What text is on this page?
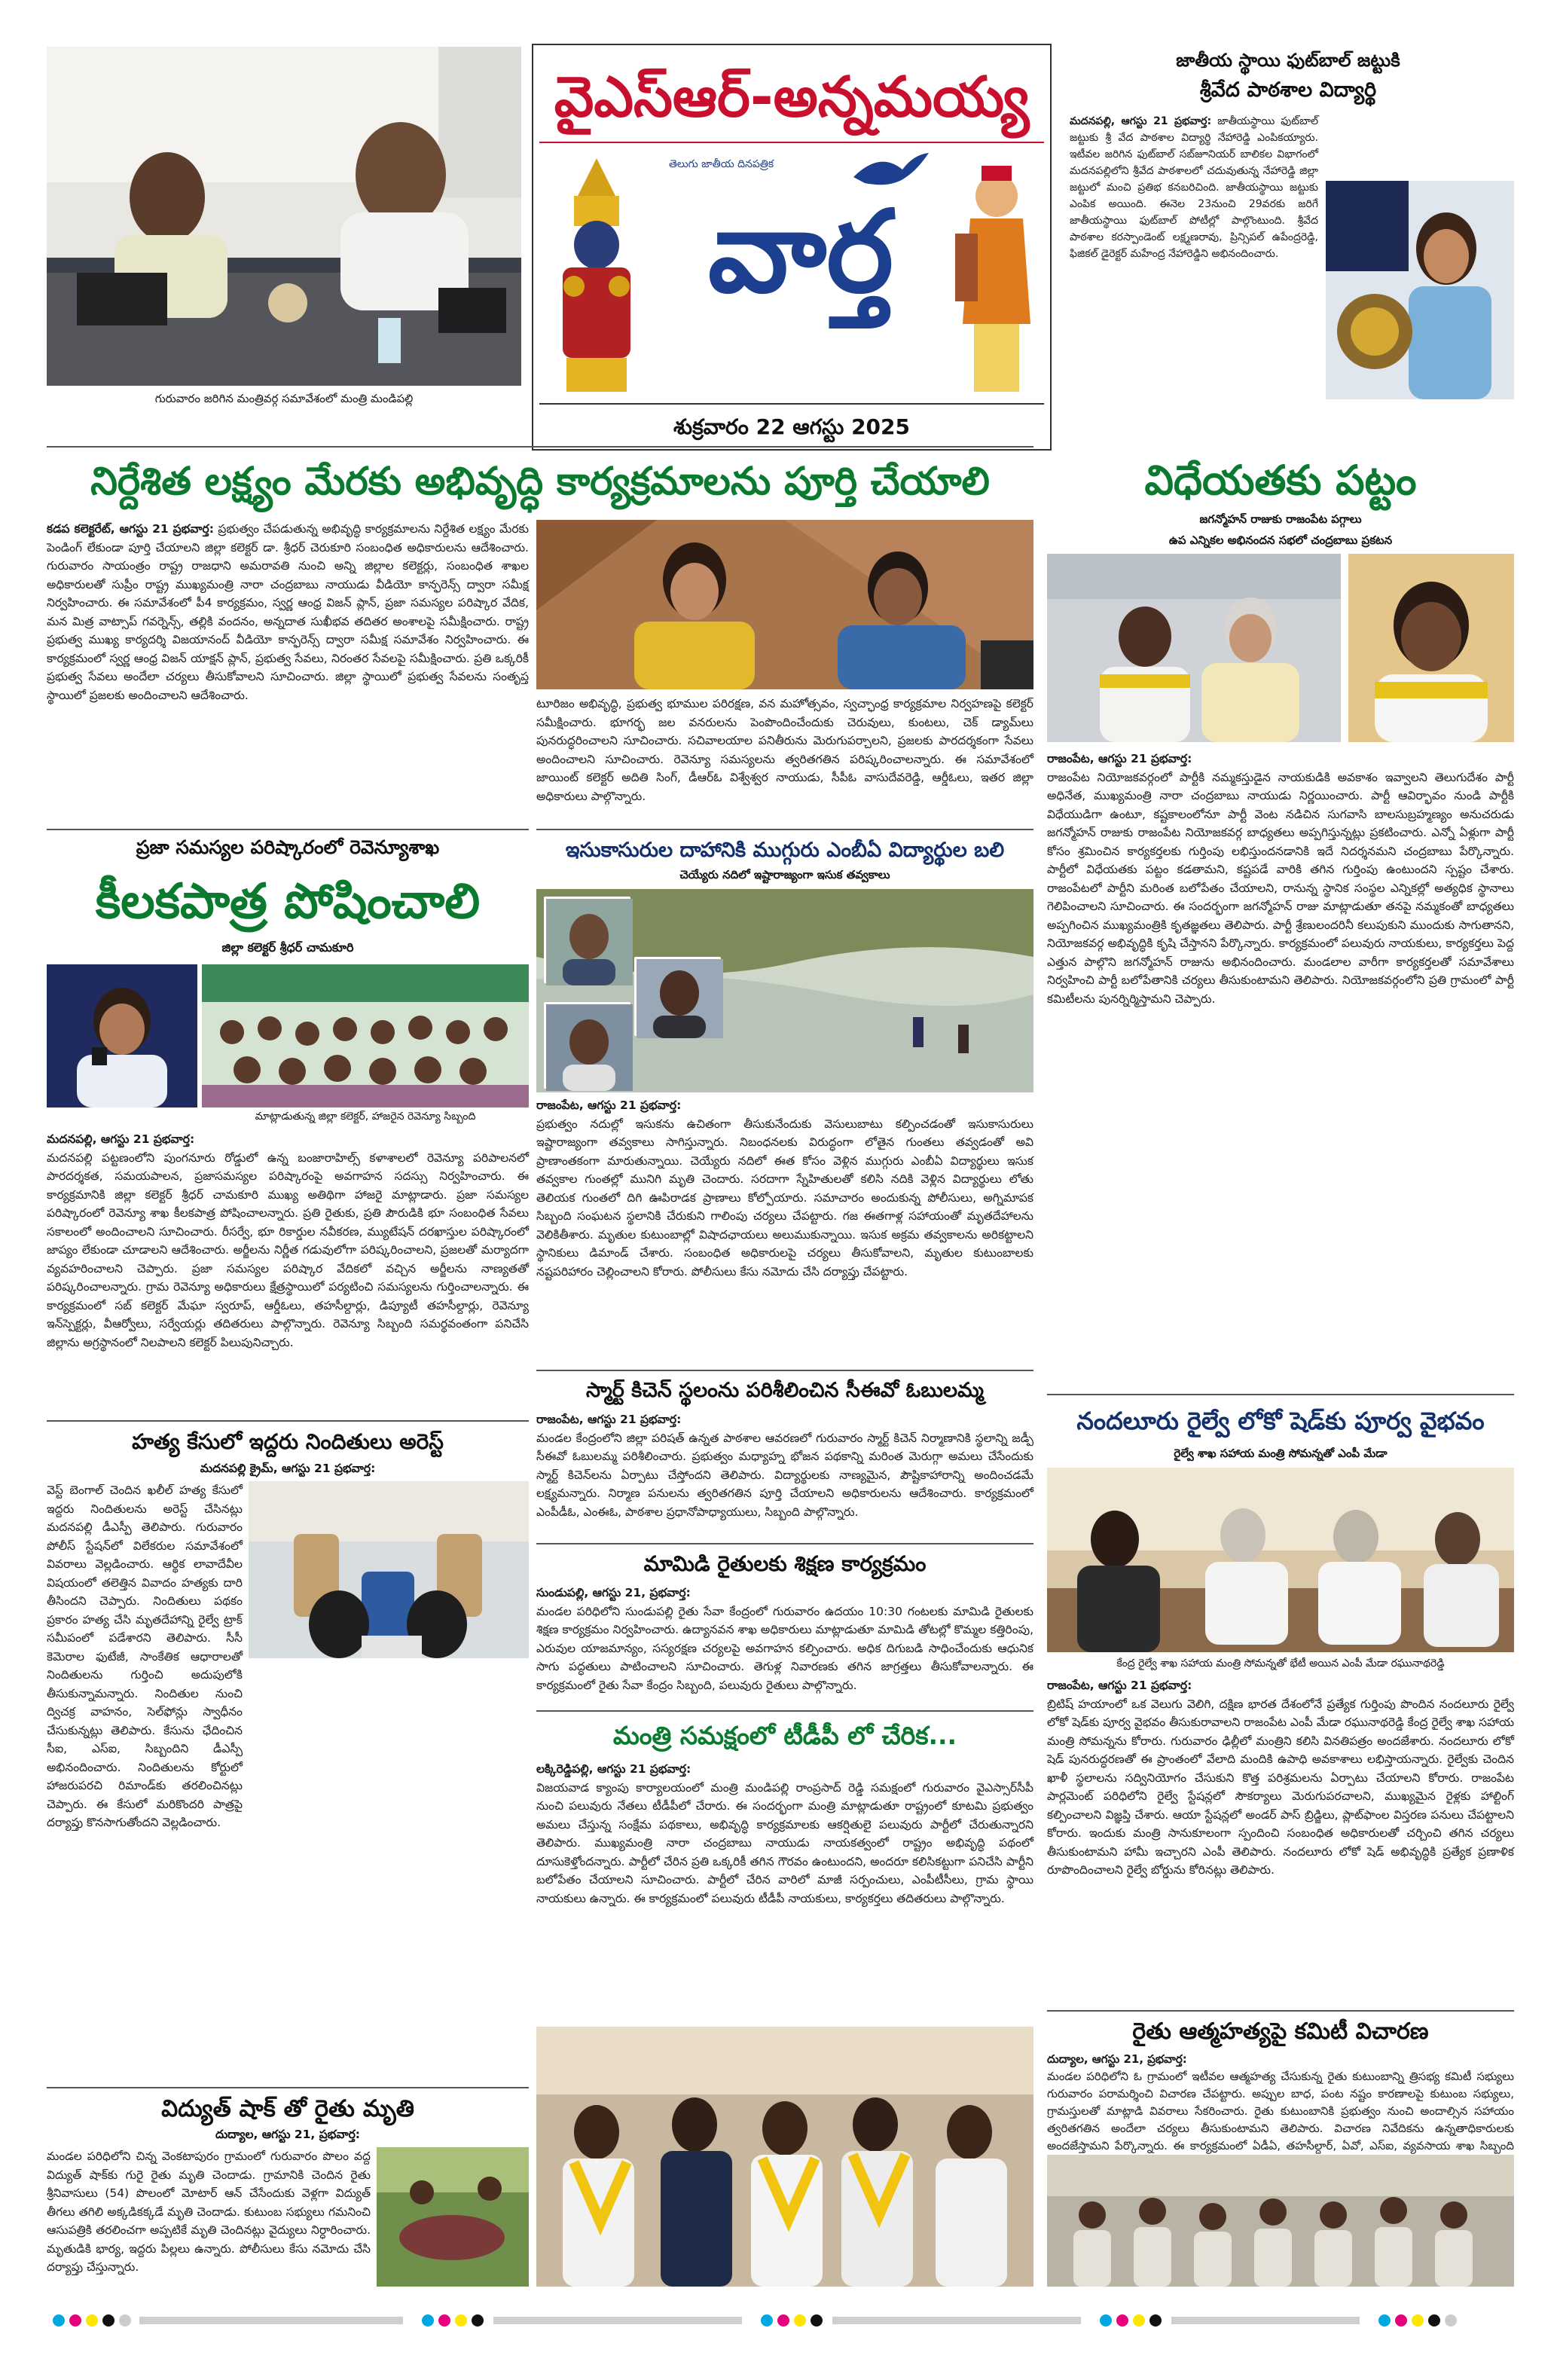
గురువారం జరిగిన మంత్రివర్గ సమావేశంలో మంత్రి మండిపల్లి
వైఎస్ఆర్-అన్నమయ్య
తెలుగు జాతీయ దినపత్రిక
వార్త
శుక్రవారం 22 ఆగస్టు 2025
జాతీయ స్థాయి ఫుట్‌బాల్ జట్టుకి
శ్రీవేద పాఠశాల విద్యార్థి
మదనపల్లి, ఆగస్టు 21 ప్రభవార్త: జాతీయస్థాయి ఫుట్‌బాల్ జట్టుకు శ్రీ వేద పాఠశాల విద్యార్థి నేహారెడ్డి ఎంపికయ్యారు. ఇటీవల జరిగిన ఫుట్‌బాల్ సబ్‌జూనియర్ బాలికల విభాగంలో మదనపల్లిలోని శ్రీవేద పాఠశాలలో చదువుతున్న నేహారెడ్డి జిల్లా జట్టులో మంచి ప్రతిభ కనబరిచింది. జాతీయస్థాయి జట్టుకు ఎంపిక అయింది. ఈనెల 23నుంచి 29వరకు జరిగే జాతీయస్థాయి ఫుట్‌బాల్ పోటీల్లో పాల్గొంటుంది. శ్రీవేద పాఠశాల కరస్పాండెంట్ లక్ష్మణరావు, ప్రిన్సిపల్ ఉపేంద్రరెడ్డి, ఫిజికల్ డైరెక్టర్ మహేంద్ర నేహారెడ్డిని అభినందించారు.
నిర్దేశిత లక్ష్యం మేరకు అభివృద్ధి కార్యక్రమాలను పూర్తి చేయాలి
కడప కలెక్టరేట్, ఆగస్టు 21 ప్రభవార్త: ప్రభుత్వం చేపడుతున్న అభివృద్ధి కార్యక్రమాలను నిర్దేశిత లక్ష్యం మేరకు పెండింగ్ లేకుండా పూర్తి చేయాలని జిల్లా కలెక్టర్ డా. శ్రీధర్ చెరుకూరి సంబంధిత అధికారులను ఆదేశించారు. గురువారం సాయంత్రం రాష్ట్ర రాజధాని అమరావతి నుంచి అన్ని జిల్లాల కలెక్టర్లు, సంబంధిత శాఖల అధికారులతో సుప్రీం రాష్ట్ర ముఖ్యమంత్రి నారా చంద్రబాబు నాయుడు వీడియో కాన్ఫరెన్స్ ద్వారా సమీక్ష నిర్వహించారు. ఈ సమావేశంలో పీ4 కార్యక్రమం, స్వర్ణ ఆంధ్ర విజన్ ప్లాన్, ప్రజా సమస్యల పరిష్కార వేదిక, మన మిత్ర వాట్సాప్ గవర్నెన్స్, తల్లికి వందనం, అన్నదాత సుఖీభవ తదితర అంశాలపై సమీక్షించారు. రాష్ట్ర ప్రభుత్వ ముఖ్య కార్యదర్శి విజయానంద్ వీడియో కాన్ఫరెన్స్ ద్వారా సమీక్ష సమావేశం నిర్వహించారు. ఈ కార్యక్రమంలో స్వర్ణ ఆంధ్ర విజన్ యాక్షన్ ప్లాన్, ప్రభుత్వ సేవలు, నిరంతర సేవలపై సమీక్షించారు. ప్రతి ఒక్కరికీ ప్రభుత్వ సేవలు అందేలా చర్యలు తీసుకోవాలని సూచించారు. జిల్లా స్థాయిలో ప్రభుత్వ సేవలను సంతృప్త స్థాయిలో ప్రజలకు అందించాలని ఆదేశించారు.
టూరిజం అభివృద్ధి, ప్రభుత్వ భూముల పరిరక్షణ, వన మహోత్సవం, స్వచ్ఛాంధ్ర కార్యక్రమాల నిర్వహణపై కలెక్టర్ సమీక్షించారు. భూగర్భ జల వనరులను పెంపొందించేందుకు చెరువులు, కుంటలు, చెక్ డ్యామ్‌లు పునరుద్ధరించాలని సూచించారు. సచివాలయాల పనితీరును మెరుగుపర్చాలని, ప్రజలకు పారదర్శకంగా సేవలు అందించాలని సూచించారు. రెవెన్యూ సమస్యలను త్వరితగతిన పరిష్కరించాలన్నారు. ఈ సమావేశంలో జాయింట్ కలెక్టర్ అదితి సింగ్, డీఆర్‌ఓ విశ్వేశ్వర నాయుడు, సీపీఓ వాసుదేవరెడ్డి, ఆర్డీఓలు, ఇతర జిల్లా అధికారులు పాల్గొన్నారు.
విధేయతకు పట్టం
జగన్మోహన్ రాజుకు రాజంపేట పగ్గాలు
ఉప ఎన్నికల అభినందన సభలో చంద్రబాబు ప్రకటన
రాజంపేట, ఆగస్టు 21 ప్రభవార్త:
రాజంపేట నియోజకవర్గంలో పార్టీకి నమ్మకస్తుడైన నాయకుడికి అవకాశం ఇవ్వాలని తెలుగుదేశం పార్టీ అధినేత, ముఖ్యమంత్రి నారా చంద్రబాబు నాయుడు నిర్ణయించారు. పార్టీ ఆవిర్భావం నుండి పార్టీకి విధేయుడిగా ఉంటూ, కష్టకాలంలోనూ పార్టీ వెంట నడిచిన సుగవాసి బాలసుబ్రహ్మణ్యం అనుచరుడు జగన్మోహన్ రాజుకు రాజంపేట నియోజకవర్గ బాధ్యతలు అప్పగిస్తున్నట్లు ప్రకటించారు. ఎన్నో ఏళ్లుగా పార్టీ కోసం శ్రమించిన కార్యకర్తలకు గుర్తింపు లభిస్తుందనడానికి ఇదే నిదర్శనమని చంద్రబాబు పేర్కొన్నారు. పార్టీలో విధేయతకు పట్టం కడతామని, కష్టపడే వారికి తగిన గుర్తింపు ఉంటుందని స్పష్టం చేశారు. రాజంపేటలో పార్టీని మరింత బలోపేతం చేయాలని, రానున్న స్థానిక సంస్థల ఎన్నికల్లో అత్యధిక స్థానాలు గెలిపించాలని సూచించారు. ఈ సందర్భంగా జగన్మోహన్ రాజు మాట్లాడుతూ తనపై నమ్మకంతో బాధ్యతలు అప్పగించిన ముఖ్యమంత్రికి కృతజ్ఞతలు తెలిపారు. పార్టీ శ్రేణులందరినీ కలుపుకుని ముందుకు సాగుతానని, నియోజకవర్గ అభివృద్ధికి కృషి చేస్తానని పేర్కొన్నారు. కార్యక్రమంలో పలువురు నాయకులు, కార్యకర్తలు పెద్ద ఎత్తున పాల్గొని జగన్మోహన్ రాజును అభినందించారు. మండలాల వారీగా కార్యకర్తలతో సమావేశాలు నిర్వహించి పార్టీ బలోపేతానికి చర్యలు తీసుకుంటామని తెలిపారు. నియోజకవర్గంలోని ప్రతి గ్రామంలో పార్టీ కమిటీలను పునర్నిర్మిస్తామని చెప్పారు.
ప్రజా సమస్యల పరిష్కారంలో రెవెన్యూశాఖ
కీలకపాత్ర పోషించాలి
జిల్లా కలెక్టర్ శ్రీధర్ చామకూరి
మాట్లాడుతున్న జిల్లా కలెక్టర్, హాజరైన రెవెన్యూ సిబ్బంది
మదనపల్లి, ఆగస్టు 21 ప్రభవార్త:
మదనపల్లి పట్టణంలోని పుంగనూరు రోడ్డులో ఉన్న బంజారాహిల్స్ కళాశాలలో రెవెన్యూ పరిపాలనలో పారదర్శకత, సమయపాలన, ప్రజాసమస్యల పరిష్కారంపై అవగాహన సదస్సు నిర్వహించారు. ఈ కార్యక్రమానికి జిల్లా కలెక్టర్ శ్రీధర్ చామకూరి ముఖ్య అతిథిగా హాజరై మాట్లాడారు. ప్రజా సమస్యల పరిష్కారంలో రెవెన్యూ శాఖ కీలకపాత్ర పోషించాలన్నారు. ప్రతి రైతుకు, ప్రతి పౌరుడికి భూ సంబంధిత సేవలు సకాలంలో అందించాలని సూచించారు. రీసర్వే, భూ రికార్డుల నవీకరణ, మ్యుటేషన్ దరఖాస్తుల పరిష్కారంలో జాప్యం లేకుండా చూడాలని ఆదేశించారు. అర్జీలను నిర్ణీత గడువులోగా పరిష్కరించాలని, ప్రజలతో మర్యాదగా వ్యవహరించాలని చెప్పారు. ప్రజా సమస్యల పరిష్కార వేదికలో వచ్చిన అర్జీలను నాణ్యతతో పరిష్కరించాలన్నారు. గ్రామ రెవెన్యూ అధికారులు క్షేత్రస్థాయిలో పర్యటించి సమస్యలను గుర్తించాలన్నారు. ఈ కార్యక్రమంలో సబ్ కలెక్టర్ మేఘా స్వరూప్, ఆర్డీఓలు, తహసీల్దార్లు, డిప్యూటీ తహసీల్దార్లు, రెవెన్యూ ఇన్‌స్పెక్టర్లు, వీఆర్వోలు, సర్వేయర్లు తదితరులు పాల్గొన్నారు. రెవెన్యూ సిబ్బంది సమర్థవంతంగా పనిచేసి జిల్లాను అగ్రస్థానంలో నిలపాలని కలెక్టర్ పిలుపునిచ్చారు.
ఇసుకాసురుల దాహానికి ముగ్గురు ఎంబీఏ విద్యార్థుల బలి
చెయ్యేరు నదిలో ఇష్టారాజ్యంగా ఇసుక తవ్వకాలు
రాజంపేట, ఆగస్టు 21 ప్రభవార్త:
ప్రభుత్వం నదుల్లో ఇసుకను ఉచితంగా తీసుకునేందుకు వెసులుబాటు కల్పించడంతో ఇసుకాసురులు ఇష్టారాజ్యంగా తవ్వకాలు సాగిస్తున్నారు. నిబంధనలకు విరుద్ధంగా లోతైన గుంతలు తవ్వడంతో అవి ప్రాణాంతకంగా మారుతున్నాయి. చెయ్యేరు నదిలో ఈత కోసం వెళ్లిన ముగ్గురు ఎంబీఏ విద్యార్థులు ఇసుక తవ్వకాల గుంతల్లో మునిగి మృతి చెందారు. సరదాగా స్నేహితులతో కలిసి నదికి వెళ్లిన విద్యార్థులు లోతు తెలియక గుంతలో దిగి ఊపిరాడక ప్రాణాలు కోల్పోయారు. సమాచారం అందుకున్న పోలీసులు, అగ్నిమాపక సిబ్బంది సంఘటన స్థలానికి చేరుకుని గాలింపు చర్యలు చేపట్టారు. గజ ఈతగాళ్ల సహాయంతో మృతదేహాలను వెలికితీశారు. మృతుల కుటుంబాల్లో విషాదఛాయలు అలుముకున్నాయి. ఇసుక అక్రమ తవ్వకాలను అరికట్టాలని స్థానికులు డిమాండ్ చేశారు. సంబంధిత అధికారులపై చర్యలు తీసుకోవాలని, మృతుల కుటుంబాలకు నష్టపరిహారం చెల్లించాలని కోరారు. పోలీసులు కేసు నమోదు చేసి దర్యాప్తు చేపట్టారు.
స్మార్ట్ కిచెన్ స్థలంను పరిశీలించిన సీఈవో ఓబులమ్మ
రాజంపేట, ఆగస్టు 21 ప్రభవార్త:
మండల కేంద్రంలోని జిల్లా పరిషత్ ఉన్నత పాఠశాల ఆవరణలో గురువారం స్మార్ట్ కిచెన్ నిర్మాణానికి స్థలాన్ని జడ్పీ సీఈవో ఓబులమ్మ పరిశీలించారు. ప్రభుత్వం మధ్యాహ్న భోజన పథకాన్ని మరింత మెరుగ్గా అమలు చేసేందుకు స్మార్ట్ కిచెన్‌లను ఏర్పాటు చేస్తోందని తెలిపారు. విద్యార్థులకు నాణ్యమైన, పౌష్టికాహారాన్ని అందించడమే లక్ష్యమన్నారు. నిర్మాణ పనులను త్వరితగతిన పూర్తి చేయాలని అధికారులను ఆదేశించారు. కార్యక్రమంలో ఎంపీడీఓ, ఎంఈఓ, పాఠశాల ప్రధానోపాధ్యాయులు, సిబ్బంది పాల్గొన్నారు.
హత్య కేసులో ఇద్దరు నిందితులు అరెస్ట్
మదనపల్లి క్రైమ్, ఆగస్టు 21 ప్రభవార్త:
వెస్ట్ బెంగాల్ చెందిన ఖలీల్ హత్య కేసులో ఇద్దరు నిందితులను అరెస్ట్ చేసినట్లు మదనపల్లి డీఎస్పీ తెలిపారు. గురువారం పోలీస్ స్టేషన్‌లో విలేకరుల సమావేశంలో వివరాలు వెల్లడించారు. ఆర్థిక లావాదేవీల విషయంలో తలెత్తిన వివాదం హత్యకు దారి తీసిందని చెప్పారు. నిందితులు పథకం ప్రకారం హత్య చేసి మృతదేహాన్ని రైల్వే ట్రాక్ సమీపంలో పడేశారని తెలిపారు. సీసీ కెమెరాల ఫుటేజీ, సాంకేతిక ఆధారాలతో నిందితులను గుర్తించి అదుపులోకి తీసుకున్నామన్నారు. నిందితుల నుంచి ద్విచక్ర వాహనం, సెల్‌ఫోన్లు స్వాధీనం చేసుకున్నట్లు తెలిపారు. కేసును ఛేదించిన సీఐ, ఎస్‌ఐ, సిబ్బందిని డీఎస్పీ అభినందించారు. నిందితులను కోర్టులో హాజరుపరచి రిమాండ్‌కు తరలించినట్లు చెప్పారు. ఈ కేసులో మరికొందరి పాత్రపై దర్యాప్తు కొనసాగుతోందని వెల్లడించారు.
మామిడి రైతులకు శిక్షణ కార్యక్రమం
సుండుపల్లి, ఆగస్టు 21, ప్రభవార్త:
మండల పరిధిలోని సుండుపల్లి రైతు సేవా కేంద్రంలో గురువారం ఉదయం 10:30 గంటలకు మామిడి రైతులకు శిక్షణ కార్యక్రమం నిర్వహించారు. ఉద్యానవన శాఖ అధికారులు మాట్లాడుతూ మామిడి తోటల్లో కొమ్మల కత్తిరింపు, ఎరువుల యాజమాన్యం, సస్యరక్షణ చర్యలపై అవగాహన కల్పించారు. అధిక దిగుబడి సాధించేందుకు ఆధునిక సాగు పద్ధతులు పాటించాలని సూచించారు. తెగుళ్ల నివారణకు తగిన జాగ్రత్తలు తీసుకోవాలన్నారు. ఈ కార్యక్రమంలో రైతు సేవా కేంద్రం సిబ్బంది, పలువురు రైతులు పాల్గొన్నారు.
నందలూరు రైల్వే లోకో షెడ్‌కు పూర్వ వైభవం
రైల్వే శాఖ సహాయ మంత్రి సోమన్నతో ఎంపీ మేడా
కేంద్ర రైల్వే శాఖ సహాయ మంత్రి సోమన్నతో భేటీ అయిన ఎంపీ మేడా రఘునాథరెడ్డి
రాజంపేట, ఆగస్టు 21 ప్రభవార్త:
బ్రిటిష్ హయాంలో ఒక వెలుగు వెలిగి, దక్షిణ భారత దేశంలోనే ప్రత్యేక గుర్తింపు పొందిన నందలూరు రైల్వే లోకో షెడ్‌కు పూర్వ వైభవం తీసుకురావాలని రాజంపేట ఎంపీ మేడా రఘునాథరెడ్డి కేంద్ర రైల్వే శాఖ సహాయ మంత్రి సోమన్నను కోరారు. గురువారం ఢిల్లీలో మంత్రిని కలిసి వినతిపత్రం అందజేశారు. నందలూరు లోకో షెడ్ పునరుద్ధరణతో ఈ ప్రాంతంలో వేలాది మందికి ఉపాధి అవకాశాలు లభిస్తాయన్నారు. రైల్వేకు చెందిన ఖాళీ స్థలాలను సద్వినియోగం చేసుకుని కొత్త పరిశ్రమలను ఏర్పాటు చేయాలని కోరారు. రాజంపేట పార్లమెంట్ పరిధిలోని రైల్వే స్టేషన్లలో సౌకర్యాలు మెరుగుపరచాలని, ముఖ్యమైన రైళ్లకు హాల్టింగ్ కల్పించాలని విజ్ఞప్తి చేశారు. ఆయా స్టేషన్లలో అండర్ పాస్ బ్రిడ్జిలు, ప్లాట్‌ఫాంల విస్తరణ పనులు చేపట్టాలని కోరారు. ఇందుకు మంత్రి సానుకూలంగా స్పందించి సంబంధిత అధికారులతో చర్చించి తగిన చర్యలు తీసుకుంటామని హామీ ఇచ్చారని ఎంపీ తెలిపారు. నందలూరు లోకో షెడ్ అభివృద్ధికి ప్రత్యేక ప్రణాళిక రూపొందించాలని రైల్వే బోర్డును కోరినట్లు తెలిపారు.
మంత్రి సమక్షంలో టీడీపీ లో చేరిక...
లక్కిరెడ్డిపల్లి, ఆగస్టు 21 ప్రభవార్త:
విజయవాడ క్యాంపు కార్యాలయంలో మంత్రి మండిపల్లి రాంప్రసాద్ రెడ్డి సమక్షంలో గురువారం వైఎస్సార్‌సీపీ నుంచి పలువురు నేతలు టీడీపీలో చేరారు. ఈ సందర్భంగా మంత్రి మాట్లాడుతూ రాష్ట్రంలో కూటమి ప్రభుత్వం అమలు చేస్తున్న సంక్షేమ పథకాలు, అభివృద్ధి కార్యక్రమాలకు ఆకర్షితులై పలువురు పార్టీలో చేరుతున్నారని తెలిపారు. ముఖ్యమంత్రి నారా చంద్రబాబు నాయుడు నాయకత్వంలో రాష్ట్రం అభివృద్ధి పథంలో దూసుకెళ్తోందన్నారు. పార్టీలో చేరిన ప్రతి ఒక్కరికీ తగిన గౌరవం ఉంటుందని, అందరూ కలిసికట్టుగా పనిచేసి పార్టీని బలోపేతం చేయాలని సూచించారు. పార్టీలో చేరిన వారిలో మాజీ సర్పంచులు, ఎంపీటీసీలు, గ్రామ స్థాయి నాయకులు ఉన్నారు. ఈ కార్యక్రమంలో పలువురు టీడీపీ నాయకులు, కార్యకర్తలు తదితరులు పాల్గొన్నారు.
విద్యుత్ షాక్ తో రైతు మృతి
దుద్యాల, ఆగస్టు 21, ప్రభవార్త:
మండల పరిధిలోని చిన్న వెంకటాపురం గ్రామంలో గురువారం పొలం వద్ద విద్యుత్ షాక్‌కు గురై రైతు మృతి చెందాడు. గ్రామానికి చెందిన రైతు శ్రీనివాసులు (54) పొలంలో మోటార్ ఆన్ చేసేందుకు వెళ్లగా విద్యుత్ తీగలు తగిలి అక్కడికక్కడే మృతి చెందాడు. కుటుంబ సభ్యులు గమనించి ఆసుపత్రికి తరలించగా అప్పటికే మృతి చెందినట్లు వైద్యులు నిర్ధారించారు. మృతుడికి భార్య, ఇద్దరు పిల్లలు ఉన్నారు. పోలీసులు కేసు నమోదు చేసి దర్యాప్తు చేస్తున్నారు.
రైతు ఆత్మహత్యపై కమిటీ విచారణ
దుద్యాల, ఆగస్టు 21, ప్రభవార్త:
మండల పరిధిలోని ఓ గ్రామంలో ఇటీవల ఆత్మహత్య చేసుకున్న రైతు కుటుంబాన్ని త్రిసభ్య కమిటీ సభ్యులు గురువారం పరామర్శించి విచారణ చేపట్టారు. అప్పుల బాధ, పంట నష్టం కారణాలపై కుటుంబ సభ్యులు, గ్రామస్తులతో మాట్లాడి వివరాలు సేకరించారు. రైతు కుటుంబానికి ప్రభుత్వం నుంచి అందాల్సిన సహాయం త్వరితగతిన అందేలా చర్యలు తీసుకుంటామని తెలిపారు. విచారణ నివేదికను ఉన్నతాధికారులకు అందజేస్తామని పేర్కొన్నారు. ఈ కార్యక్రమంలో ఏడీఏ, తహసీల్దార్, ఏవో, ఎస్‌ఐ, వ్యవసాయ శాఖ సిబ్బంది
